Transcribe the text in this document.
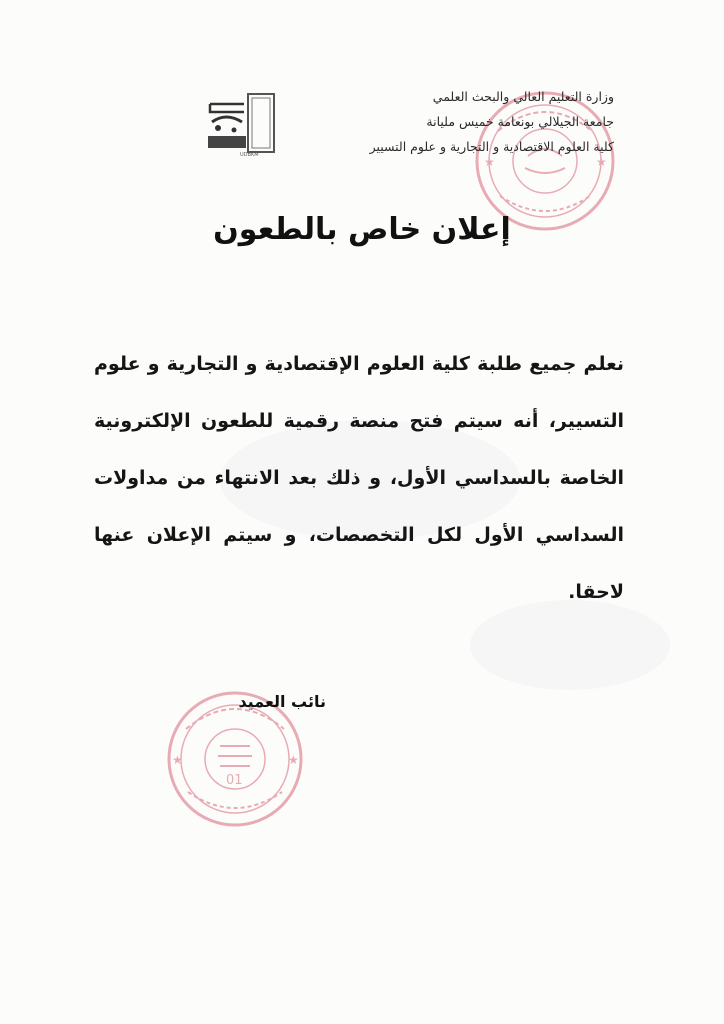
★	★
وزارة التعليم العالي والبحث العلمي
جامعة الجيلالي بونعامة خميس مليانة
كلية العلوم الاقتصادية و التجارية و علوم التسيير
UDBKM
إعلان خاص بالطعون
نعلم جميع طلبة كلية العلوم الإقتصادية و التجارية و علوم التسيير، أنه سيتم فتح منصة رقمية للطعون الإلكترونية الخاصة بالسداسي الأول، و ذلك بعد الانتهاء من مداولات السداسي الأول لكل التخصصات، و سيتم الإعلان عنها لاحقا.
01
★	★
نائب العميد
